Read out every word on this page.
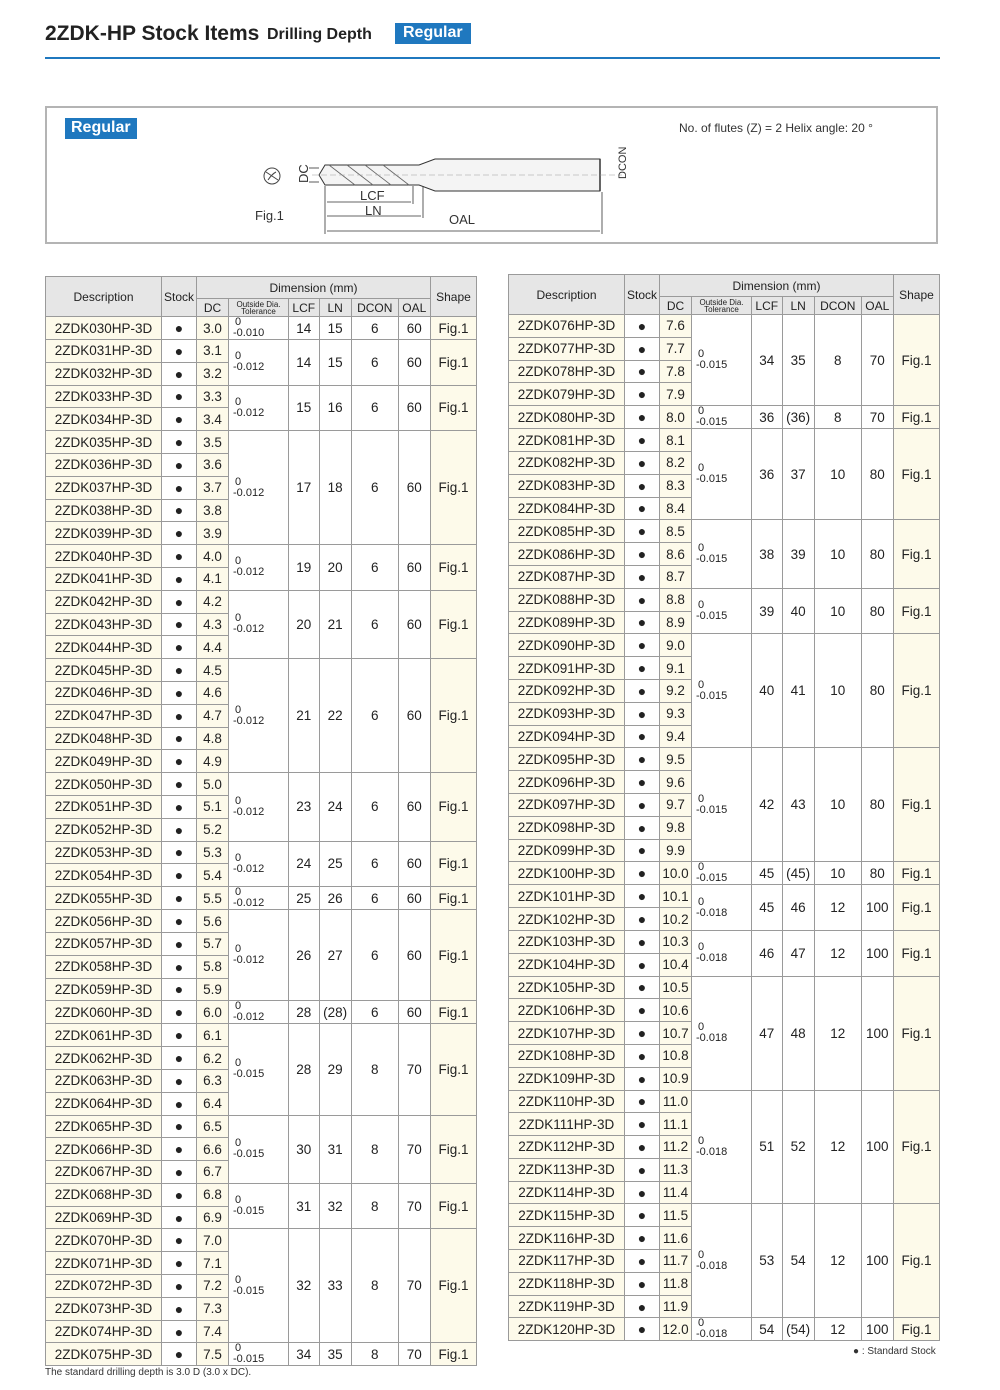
2ZDK-HP Stock Items Drilling Depth	Regular
Regular	No. of flutes (Z) = 2 Helix angle: 20 °
DC	DCON
LCF
LN
OAL
Fig.1
Description	Stock	Dimension (mm)						Shape
		DC	Outside Dia.
Tolerance	LCF	LN	DCON	OAL	
2ZDK030HP-3D	●	3.0	0
-0.010	14	15	6	60	Fig.1
2ZDK031HP-3D	●	3.1	0
-0.012	14	15	6	60	Fig.1
2ZDK032HP-3D	●	3.2						
2ZDK033HP-3D	●	3.3	0
-0.012	15	16	6	60	Fig.1
2ZDK034HP-3D	●	3.4						
2ZDK035HP-3D	●	3.5	0
-0.012	17	18	6	60	Fig.1
2ZDK036HP-3D	●	3.6						
2ZDK037HP-3D	●	3.7						
2ZDK038HP-3D	●	3.8						
2ZDK039HP-3D	●	3.9						
2ZDK040HP-3D	●	4.0	0
-0.012	19	20	6	60	Fig.1
2ZDK041HP-3D	●	4.1						
2ZDK042HP-3D	●	4.2	0
-0.012	20	21	6	60	Fig.1
2ZDK043HP-3D	●	4.3						
2ZDK044HP-3D	●	4.4						
2ZDK045HP-3D	●	4.5	0
-0.012	21	22	6	60	Fig.1
2ZDK046HP-3D	●	4.6						
2ZDK047HP-3D	●	4.7						
2ZDK048HP-3D	●	4.8						
2ZDK049HP-3D	●	4.9						
2ZDK050HP-3D	●	5.0	0
-0.012	23	24	6	60	Fig.1
2ZDK051HP-3D	●	5.1						
2ZDK052HP-3D	●	5.2						
2ZDK053HP-3D	●	5.3	0
-0.012	24	25	6	60	Fig.1
2ZDK054HP-3D	●	5.4						
2ZDK055HP-3D	●	5.5	0
-0.012	25	26	6	60	Fig.1
2ZDK056HP-3D	●	5.6	0
-0.012	26	27	6	60	Fig.1
2ZDK057HP-3D	●	5.7						
2ZDK058HP-3D	●	5.8						
2ZDK059HP-3D	●	5.9						
2ZDK060HP-3D	●	6.0	0
-0.012	28	(28)	6	60	Fig.1
2ZDK061HP-3D	●	6.1	0
-0.015	28	29	8	70	Fig.1
2ZDK062HP-3D	●	6.2						
2ZDK063HP-3D	●	6.3						
2ZDK064HP-3D	●	6.4						
2ZDK065HP-3D	●	6.5	0
-0.015	30	31	8	70	Fig.1
2ZDK066HP-3D	●	6.6						
2ZDK067HP-3D	●	6.7						
2ZDK068HP-3D	●	6.8	0
-0.015	31	32	8	70	Fig.1
2ZDK069HP-3D	●	6.9						
2ZDK070HP-3D	●	7.0	0
-0.015	32	33	8	70	Fig.1
2ZDK071HP-3D	●	7.1						
2ZDK072HP-3D	●	7.2						
2ZDK073HP-3D	●	7.3						
2ZDK074HP-3D	●	7.4						
2ZDK075HP-3D	●	7.5	0
-0.015	34	35	8	70	Fig.1
Description	Stock	Dimension (mm)						Shape
		DC	Outside Dia.
Tolerance	LCF	LN	DCON	OAL	
2ZDK076HP-3D	●	7.6	0
-0.015	34	35	8	70	Fig.1
2ZDK077HP-3D	●	7.7						
2ZDK078HP-3D	●	7.8						
2ZDK079HP-3D	●	7.9						
2ZDK080HP-3D	●	8.0	0
-0.015	36	(36)	8	70	Fig.1
2ZDK081HP-3D	●	8.1	0
-0.015	36	37	10	80	Fig.1
2ZDK082HP-3D	●	8.2						
2ZDK083HP-3D	●	8.3						
2ZDK084HP-3D	●	8.4						
2ZDK085HP-3D	●	8.5	0
-0.015	38	39	10	80	Fig.1
2ZDK086HP-3D	●	8.6						
2ZDK087HP-3D	●	8.7						
2ZDK088HP-3D	●	8.8	0
-0.015	39	40	10	80	Fig.1
2ZDK089HP-3D	●	8.9						
2ZDK090HP-3D	●	9.0	0
-0.015	40	41	10	80	Fig.1
2ZDK091HP-3D	●	9.1						
2ZDK092HP-3D	●	9.2						
2ZDK093HP-3D	●	9.3						
2ZDK094HP-3D	●	9.4						
2ZDK095HP-3D	●	9.5	0
-0.015	42	43	10	80	Fig.1
2ZDK096HP-3D	●	9.6						
2ZDK097HP-3D	●	9.7						
2ZDK098HP-3D	●	9.8						
2ZDK099HP-3D	●	9.9						
2ZDK100HP-3D	●	10.0	0
-0.015	45	(45)	10	80	Fig.1
2ZDK101HP-3D	●	10.1	0
-0.018	45	46	12	100	Fig.1
2ZDK102HP-3D	●	10.2						
2ZDK103HP-3D	●	10.3	0
-0.018	46	47	12	100	Fig.1
2ZDK104HP-3D	●	10.4						
2ZDK105HP-3D	●	10.5	0
-0.018	47	48	12	100	Fig.1
2ZDK106HP-3D	●	10.6						
2ZDK107HP-3D	●	10.7						
2ZDK108HP-3D	●	10.8						
2ZDK109HP-3D	●	10.9						
2ZDK110HP-3D	●	11.0	0
-0.018	51	52	12	100	Fig.1
2ZDK111HP-3D	●	11.1						
2ZDK112HP-3D	●	11.2						
2ZDK113HP-3D	●	11.3						
2ZDK114HP-3D	●	11.4						
2ZDK115HP-3D	●	11.5	0
-0.018	53	54	12	100	Fig.1
2ZDK116HP-3D	●	11.6						
2ZDK117HP-3D	●	11.7						
2ZDK118HP-3D	●	11.8						
2ZDK119HP-3D	●	11.9						
2ZDK120HP-3D	●	12.0	0
-0.018	54	(54)	12	100	Fig.1
The standard drilling depth is 3.0 D (3.0 x DC).
● : Standard Stock
